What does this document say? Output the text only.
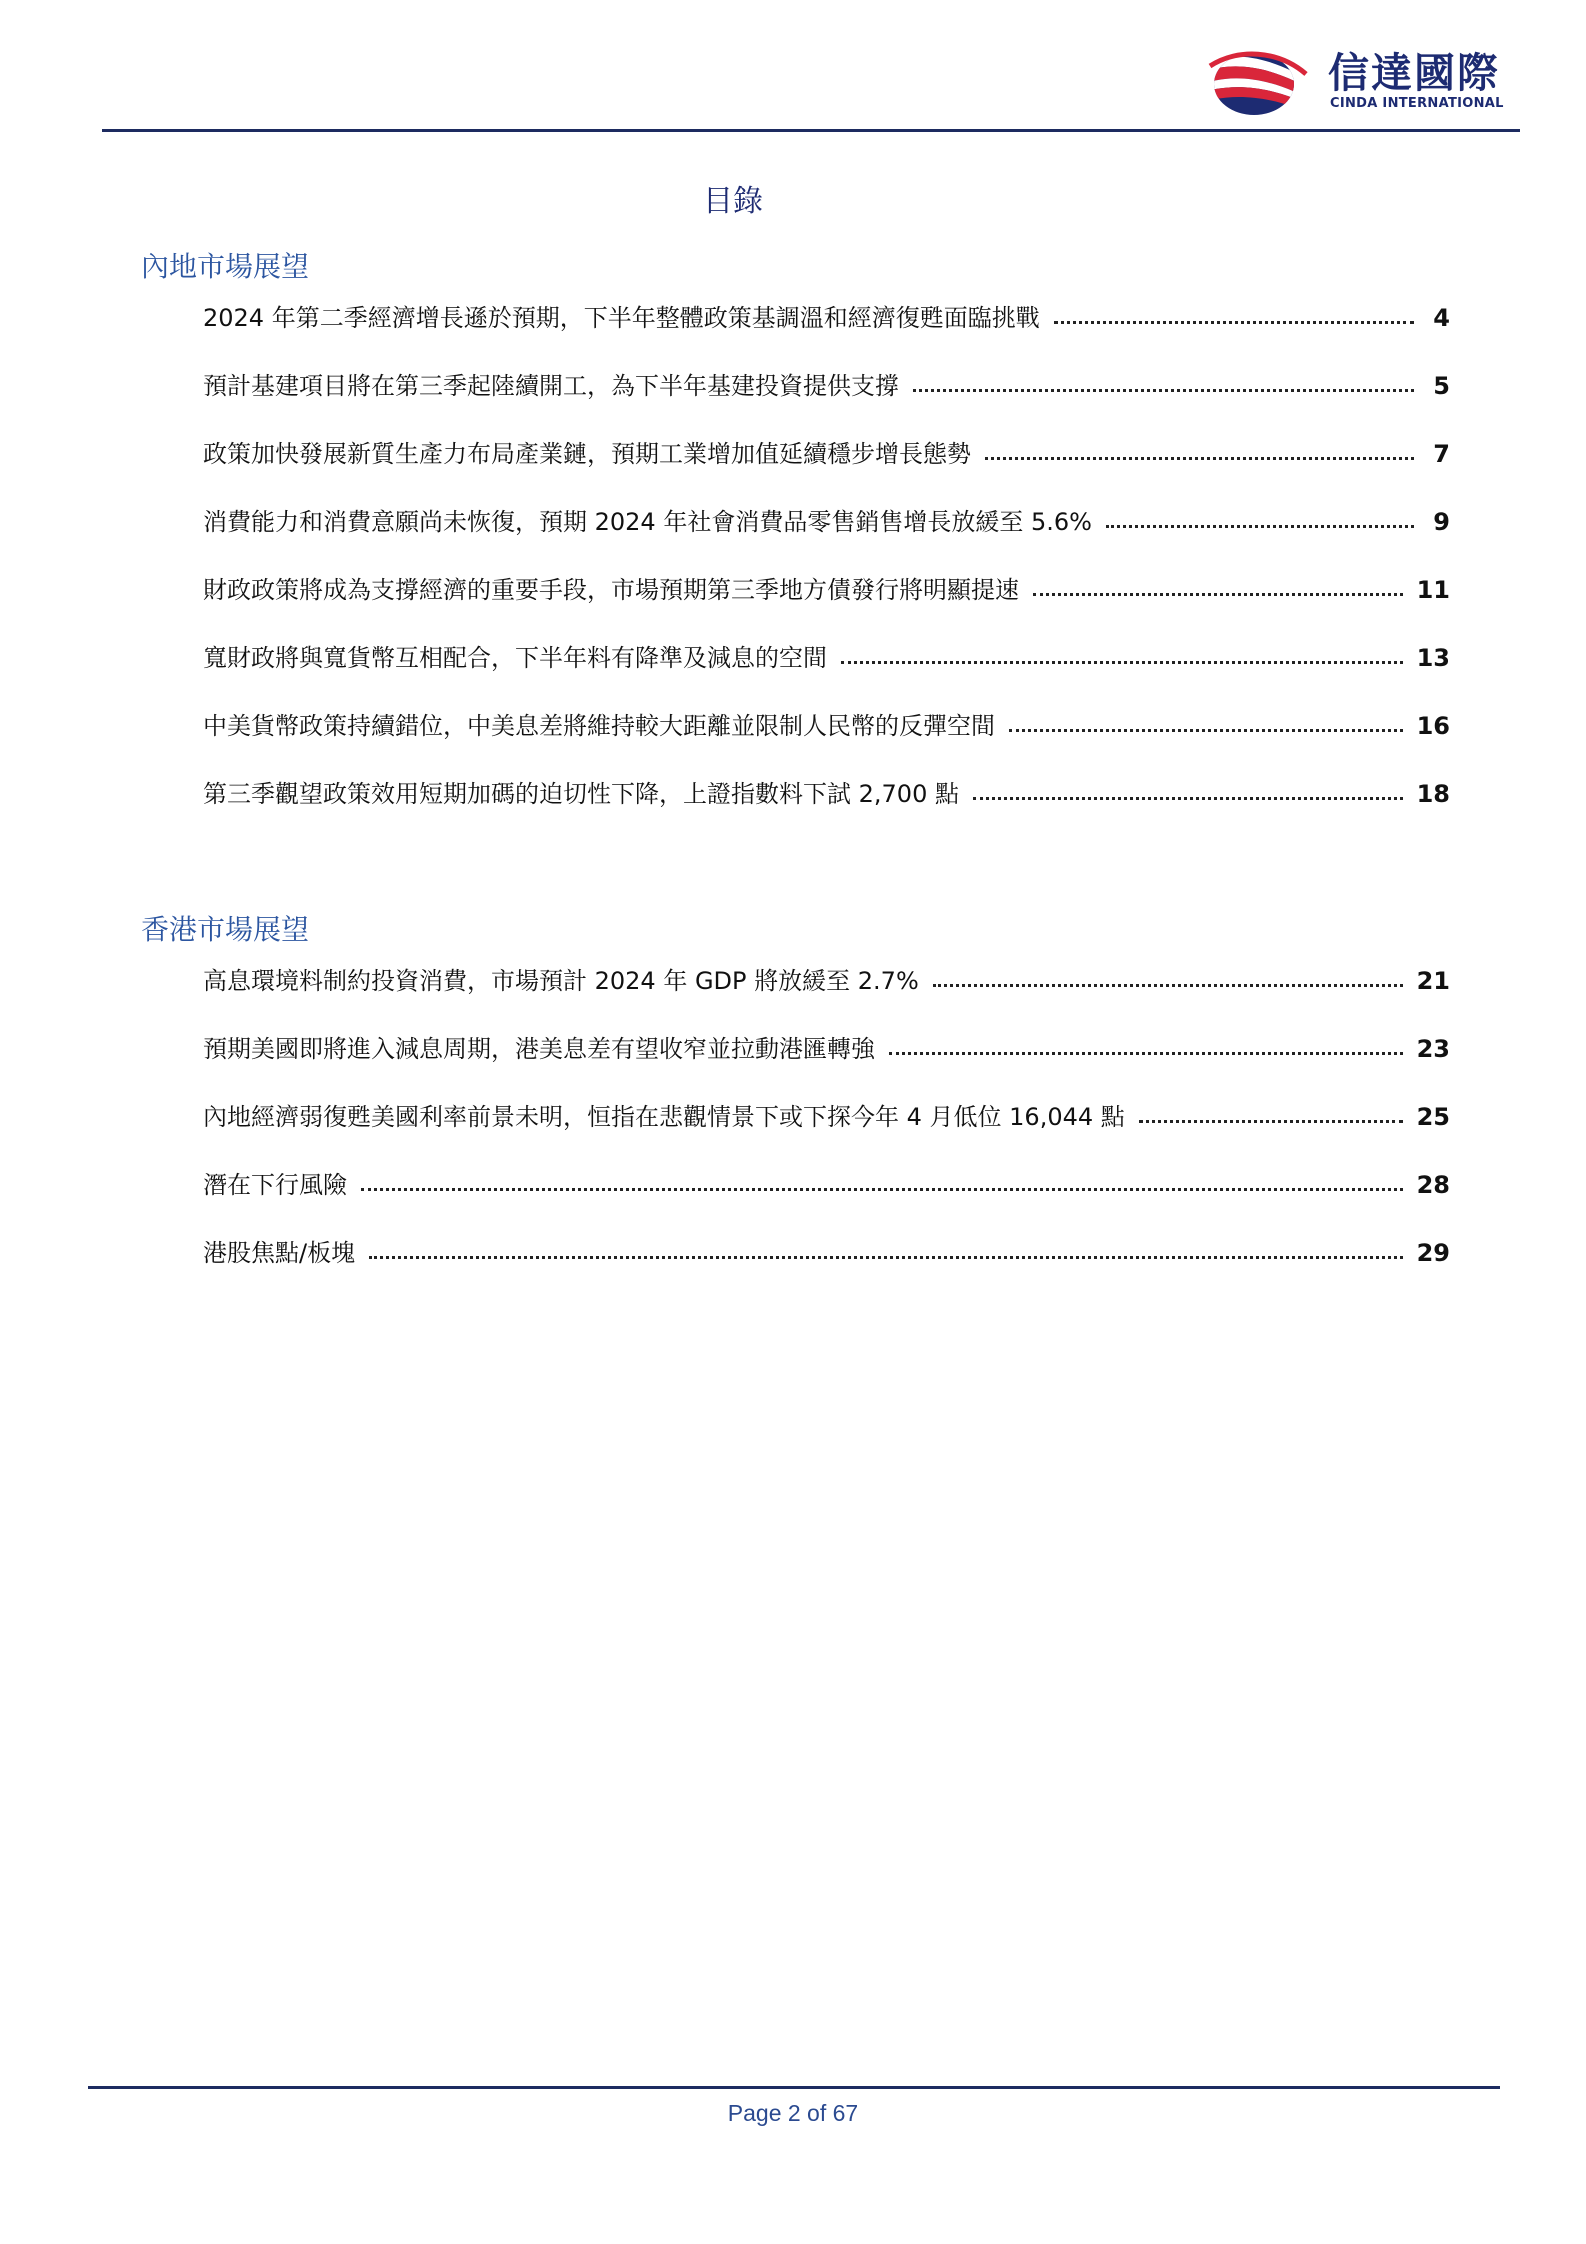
信達國際
CINDA INTERNATIONAL
目錄
內地市場展望
2024 年第二季經濟增長遜於預期，下半年整體政策基調溫和經濟復甦面臨挑戰	4
預計基建項目將在第三季起陸續開工，為下半年基建投資提供支撐	5
政策加快發展新質生產力布局產業鏈，預期工業增加值延續穩步增長態勢	7
消費能力和消費意願尚未恢復，預期 2024 年社會消費品零售銷售增長放緩至 5.6%	9
財政政策將成為支撐經濟的重要手段，市場預期第三季地方債發行將明顯提速	11
寬財政將與寬貨幣互相配合，下半年料有降準及減息的空間	13
中美貨幣政策持續錯位，中美息差將維持較大距離並限制人民幣的反彈空間	16
第三季觀望政策效用短期加碼的迫切性下降，上證指數料下試 2,700 點	18
香港市場展望
高息環境料制約投資消費，市場預計 2024 年 GDP 將放緩至 2.7%	21
預期美國即將進入減息周期，港美息差有望收窄並拉動港匯轉強	23
內地經濟弱復甦美國利率前景未明，恒指在悲觀情景下或下探今年 4 月低位 16,044 點	25
潛在下行風險	28
港股焦點/板塊	29
Page 2 of 67
